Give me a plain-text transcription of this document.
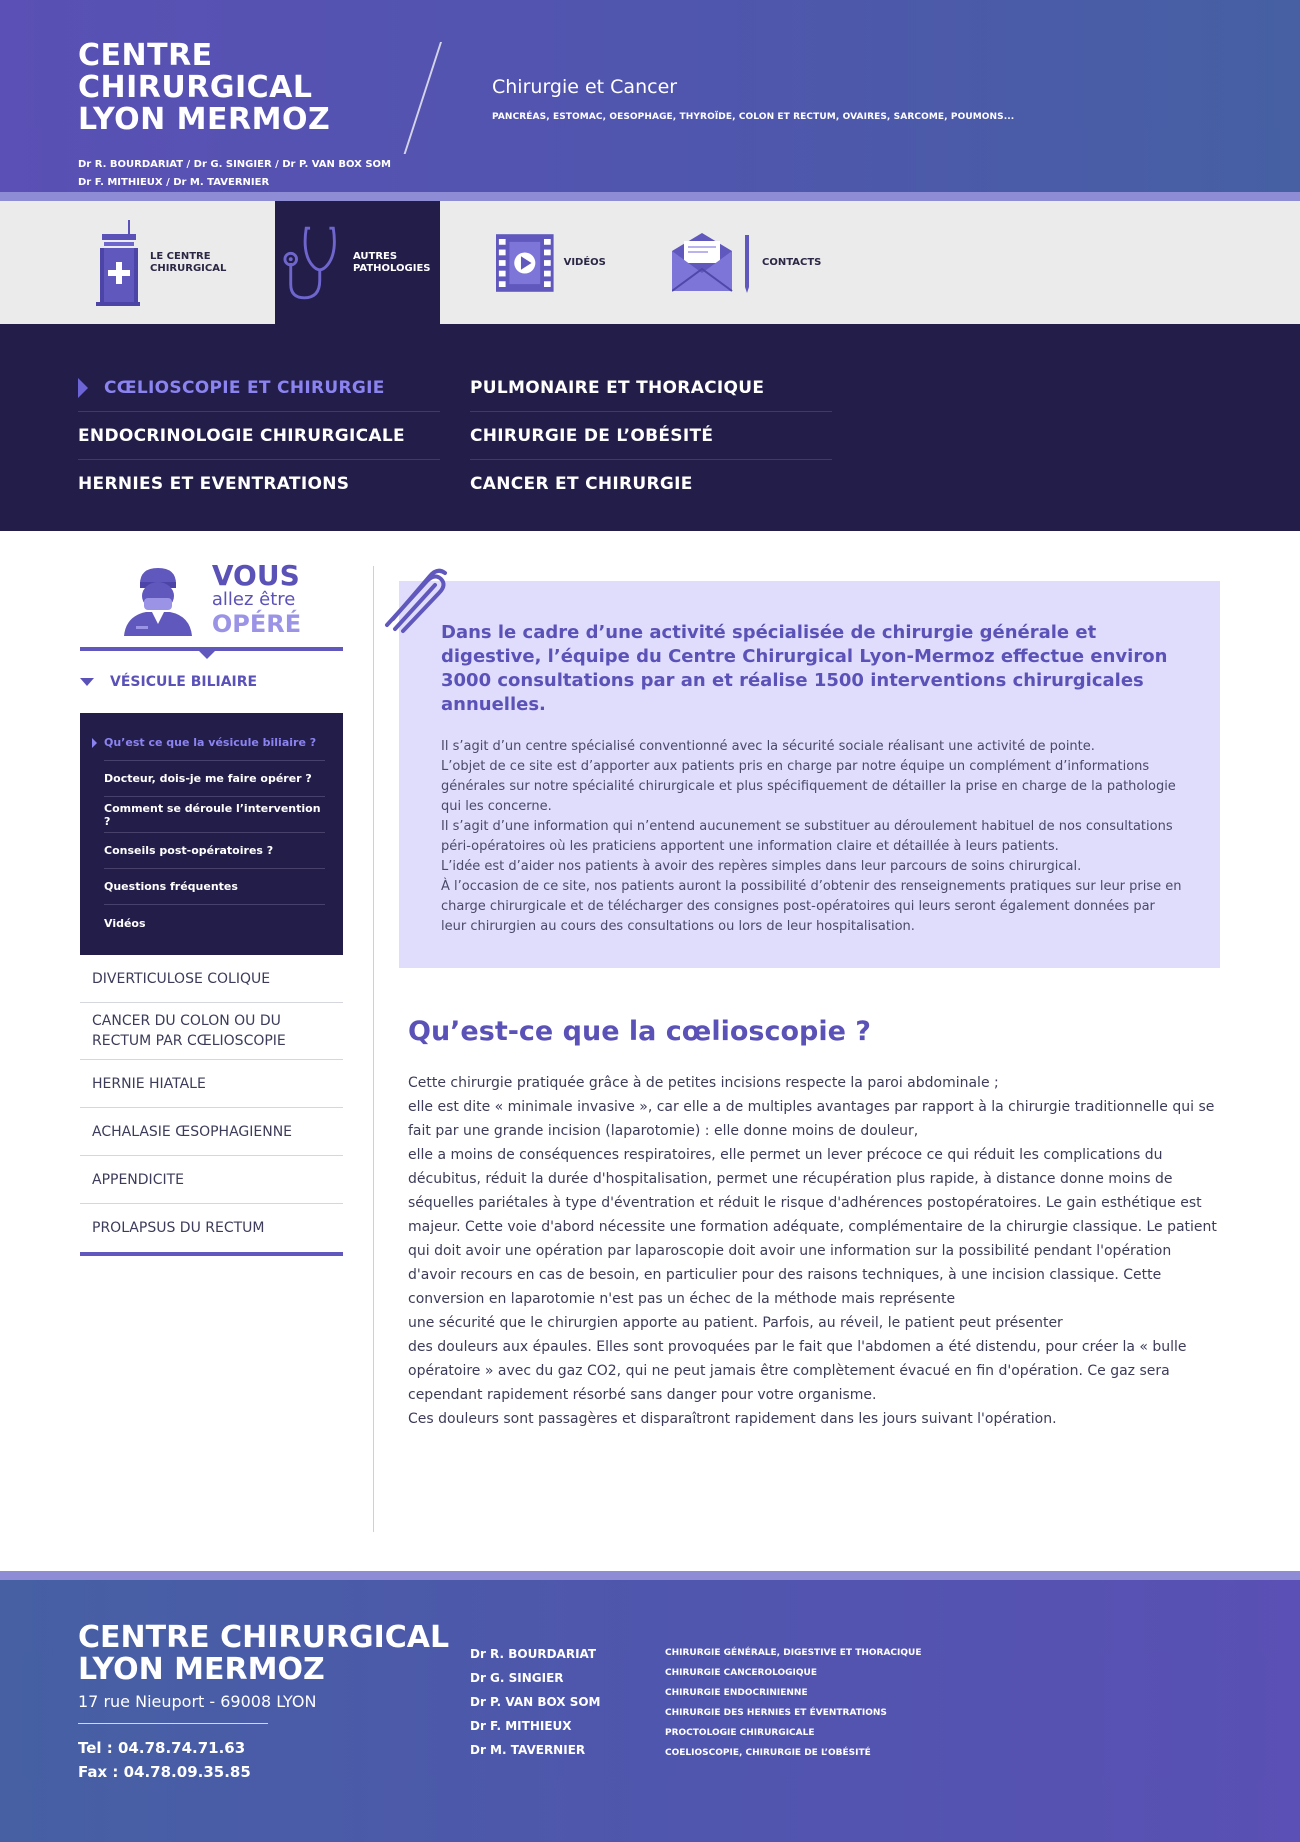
CENTRE CHIRURGICAL
LYON MERMOZ
Dr R. BOURDARIAT / Dr G. SINGIER / Dr P. VAN BOX SOM
Dr F. MITHIEUX / Dr M. TAVERNIER
Chirurgie et Cancer

PANCRÉAS, ESTOMAC, OESOPHAGE, THYROÏDE, COLON ET RECTUM, OVAIRES, SARCOME, POUMONS...

LE CENTRE
CHIRURGICAL
AUTRES
PATHOLOGIES
VIDÉOS	CONTACTS
CŒLIOSCOPIE ET CHIRURGIE
ENDOCRINOLOGIE CHIRURGICALE
HERNIES ET EVENTRATIONS
PULMONAIRE ET THORACIQUE
CHIRURGIE DE L’OBÉSITÉ
CANCER ET CHIRURGIE
VOUS
allez être
OPÉRÉ
VÉSICULE BILIAIRE
Qu’est ce que la vésicule biliaire ?
Docteur, dois-je me faire opérer ?
Comment se déroule l’intervention ?
Conseils post-opératoires ?
Questions fréquentes
Vidéos
DIVERTICULOSE COLIQUE
CANCER DU COLON OU DU RECTUM PAR CŒLIOSCOPIE
HERNIE HIATALE
ACHALASIE ŒSOPHAGIENNE
APPENDICITE
PROLAPSUS DU RECTUM
Dans le cadre d’une activité spécialisée de chirurgie générale et digestive, l’équipe du Centre Chirurgical Lyon-Mermoz effectue environ 3000 consultations par an et réalise 1500 interventions chirurgicales annuelles.
Il s’agit d’un centre spécialisé conventionné avec la sécurité sociale réalisant une activité de pointe.
L’objet de ce site est d’apporter aux patients pris en charge par notre équipe un complément d’informations générales sur notre spécialité chirurgicale et plus spécifiquement de détailler la prise en charge de la pathologie qui les concerne.
Il s’agit d’une information qui n’entend aucunement se substituer au déroulement habituel de nos consultations péri-opératoires où les praticiens apportent une information claire et détaillée à leurs patients.
L’idée est d’aider nos patients à avoir des repères simples dans leur parcours de soins chirurgical.
À l’occasion de ce site, nos patients auront la possibilité d’obtenir des renseignements pratiques sur leur prise en charge chirurgicale et de télécharger des consignes post-opératoires qui leurs seront également données par leur chirurgien au cours des consultations ou lors de leur hospitalisation.
Qu’est-ce que la cœlioscopie ?
Cette chirurgie pratiquée grâce à de petites incisions respecte la paroi abdominale ;
elle est dite « minimale invasive », car elle a de multiples avantages par rapport à la chirurgie traditionnelle qui se fait par une grande incision (laparotomie) : elle donne moins de douleur,
elle a moins de conséquences respiratoires, elle permet un lever précoce ce qui réduit les complications du décubitus, réduit la durée d'hospitalisation, permet une récupération plus rapide, à distance donne moins de séquelles pariétales à type d'éventration et réduit le risque d'adhérences postopératoires. Le gain esthétique est majeur. Cette voie d'abord nécessite une formation adéquate, complémentaire de la chirurgie classique. Le patient qui doit avoir une opération par laparoscopie doit avoir une information sur la possibilité pendant l'opération d'avoir recours en cas de besoin, en particulier pour des raisons techniques, à une incision classique. Cette conversion en laparotomie n'est pas un échec de la méthode mais représente
une sécurité que le chirurgien apporte au patient. Parfois, au réveil, le patient peut présenter
des douleurs aux épaules. Elles sont provoquées par le fait que l'abdomen a été distendu, pour créer la « bulle opératoire » avec du gaz CO2, qui ne peut jamais être complètement évacué en fin d'opération. Ce gaz sera cependant rapidement résorbé sans danger pour votre organisme.
Ces douleurs sont passagères et disparaîtront rapidement dans les jours suivant l'opération.
CENTRE CHIRURGICAL
LYON MERMOZ
17 rue Nieuport - 69008 LYON
Tel : 04.78.74.71.63
Fax : 04.78.09.35.85
Dr R. BOURDARIAT
Dr G. SINGIER
Dr P. VAN BOX SOM
Dr F. MITHIEUX
Dr M. TAVERNIER
CHIRURGIE GÉNÉRALE, DIGESTIVE ET THORACIQUE
CHIRURGIE CANCEROLOGIQUE
CHIRURGIE ENDOCRINIENNE
CHIRURGIE DES HERNIES ET ÉVENTRATIONS
PROCTOLOGIE CHIRURGICALE
COELIOSCOPIE, CHIRURGIE DE L’OBÉSITÉ
